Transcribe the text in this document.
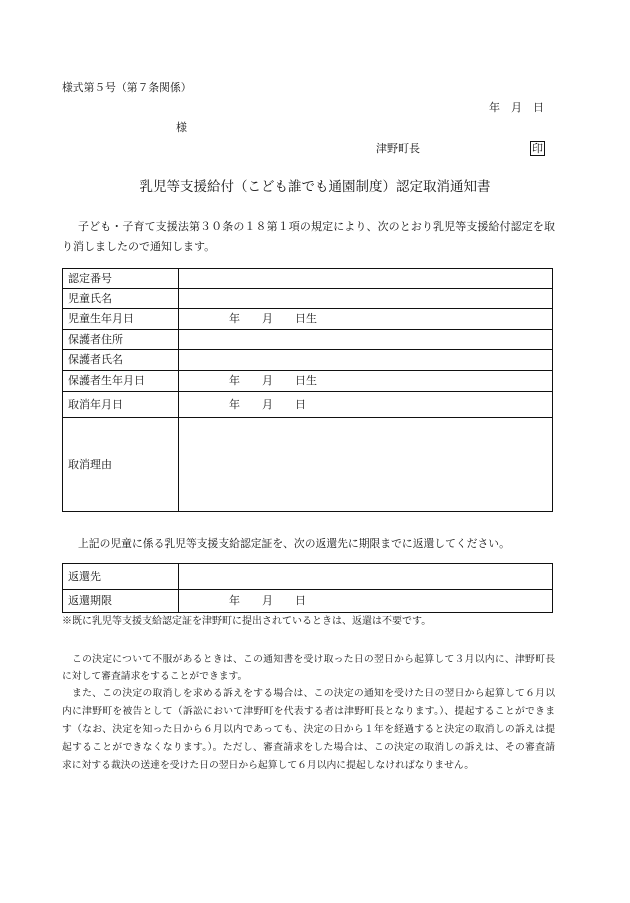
様式第５号（第７条関係）
年　月　日
様
津野町長	印
乳児等支援給付（こども誰でも通園制度）認定取消通知書
子ども・子育て支援法第３０条の１８第１項の規定により、次のとおり乳児等支援給付認定を取
り消しましたので通知します。
認定番号
児童氏名
児童生年月日	年　　月　　日生
保護者住所
保護者氏名
保護者生年月日	年　　月　　日生
取消年月日	年　　月　　日
取消理由
上記の児童に係る乳児等支援支給認定証を、次の返還先に期限までに返還してください。
返還先
返還期限	年　　月　　日
※既に乳児等支援支給認定証を津野町に提出されているときは、返還は不要です。
この決定について不服があるときは、この通知書を受け取った日の翌日から起算して３月以内に、津野町長
に対して審査請求をすることができます。
また、この決定の取消しを求める訴えをする場合は、この決定の通知を受けた日の翌日から起算して６月以
内に津野町を被告として（訴訟において津野町を代表する者は津野町長となります。）、提起することができま
す（なお、決定を知った日から６月以内であっても、決定の日から１年を経過すると決定の取消しの訴えは提
起することができなくなります。）。ただし、審査請求をした場合は、この決定の取消しの訴えは、その審査請
求に対する裁決の送達を受けた日の翌日から起算して６月以内に提起しなければなりません。
